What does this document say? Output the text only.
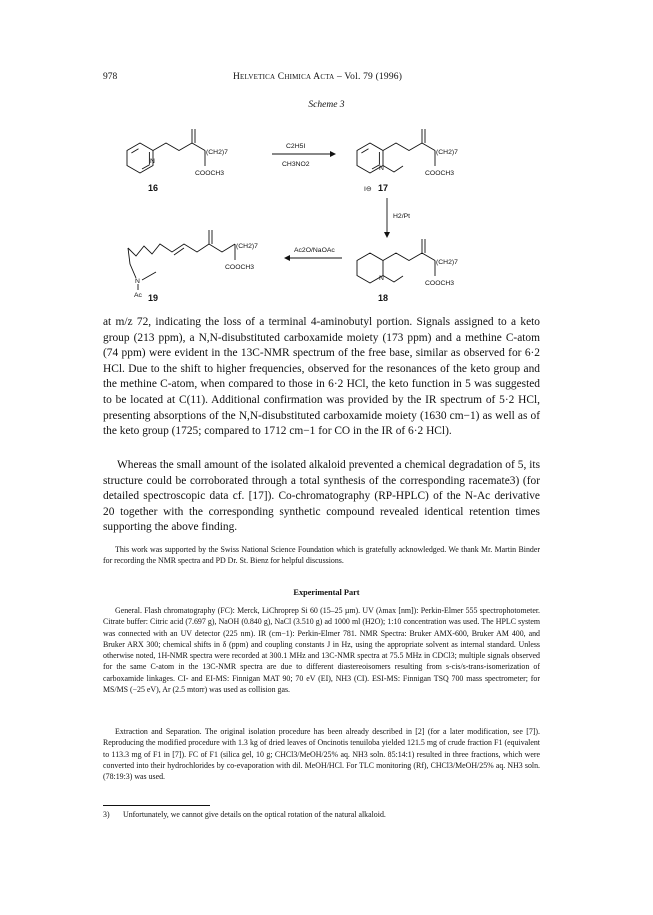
978	Helvetica Chimica Acta – Vol. 79 (1996)
Scheme 3
N
(CH2)7
COOCH3
N
(CH2)7
COOCH3
I⊖
N
(CH2)7
COOCH3
N
Ac
(CH2)7
COOCH3
C2H5I
CH3NO2
H2/Pt
Ac2O/NaOAc
16	17
18
19
at m/z 72, indicating the loss of a terminal 4-aminobutyl portion. Signals assigned to a keto group (213 ppm), a N,N-disubstituted carboxamide moiety (173 ppm) and a methine C-atom (74 ppm) were evident in the 13C-NMR spectrum of the free base, similar as observed for 6·2 HCl. Due to the shift to higher frequencies, observed for the resonances of the keto group and the methine C-atom, when compared to those in 6·2 HCl, the keto function in 5 was suggested to be located at C(11). Additional confirmation was provided by the IR spectrum of 5·2 HCl, presenting absorptions of the N,N-disubstituted carboxamide moiety (1630 cm−1) as well as of the keto group (1725; compared to 1712 cm−1 for CO in the IR of 6·2 HCl).
Whereas the small amount of the isolated alkaloid prevented a chemical degradation of 5, its structure could be corroborated through a total synthesis of the corresponding racemate3) (for detailed spectroscopic data cf. [17]). Co-chromatography (RP-HPLC) of the N-Ac derivative 20 together with the corresponding synthetic compound revealed identical retention times supporting the above finding.
This work was supported by the Swiss National Science Foundation which is gratefully acknowledged. We thank Mr. Martin Binder for recording the NMR spectra and PD Dr. St. Bienz for helpful discussions.
Experimental Part
General. Flash chromatography (FC): Merck, LiChroprep Si 60 (15–25 µm). UV (λmax [nm]): Perkin-Elmer 555 spectrophotometer. Citrate buffer: Citric acid (7.697 g), NaOH (0.840 g), NaCl (3.510 g) ad 1000 ml (H2O); 1:10 concentration was used. The HPLC system was connected with an UV detector (225 nm). IR (cm−1): Perkin-Elmer 781. NMR Spectra: Bruker AMX-600, Bruker AM 400, and Bruker ARX 300; chemical shifts in δ (ppm) and coupling constants J in Hz, using the appropriate solvent as internal standard. Unless otherwise noted, 1H-NMR spectra were recorded at 300.1 MHz and 13C-NMR spectra at 75.5 MHz in CDCl3; multiple signals observed for the same C-atom in the 13C-NMR spectra are due to different diastereoisomers resulting from s-cis/s-trans-isomerization of carboxamide linkages. CI- and EI-MS: Finnigan MAT 90; 70 eV (EI), NH3 (CI). ESI-MS: Finnigan TSQ 700 mass spectrometer; for MS/MS (−25 eV), Ar (2.5 mtorr) was used as collision gas.
Extraction and Separation. The original isolation procedure has been already described in [2] (for a later modification, see [7]). Reproducing the modified procedure with 1.3 kg of dried leaves of Oncinotis tenuiloba yielded 121.5 mg of crude fraction F1 (equivalent to 113.3 mg of F1 in [7]). FC of F1 (silica gel, 10 g; CHCl3/MeOH/25% aq. NH3 soln. 85:14:1) resulted in three fractions, which were converted into their hydrochlorides by co-evaporation with dil. MeOH/HCl. For TLC monitoring (Rf), CHCl3/MeOH/25% aq. NH3 soln. (78:19:3) was used.
3) Unfortunately, we cannot give details on the optical rotation of the natural alkaloid.
